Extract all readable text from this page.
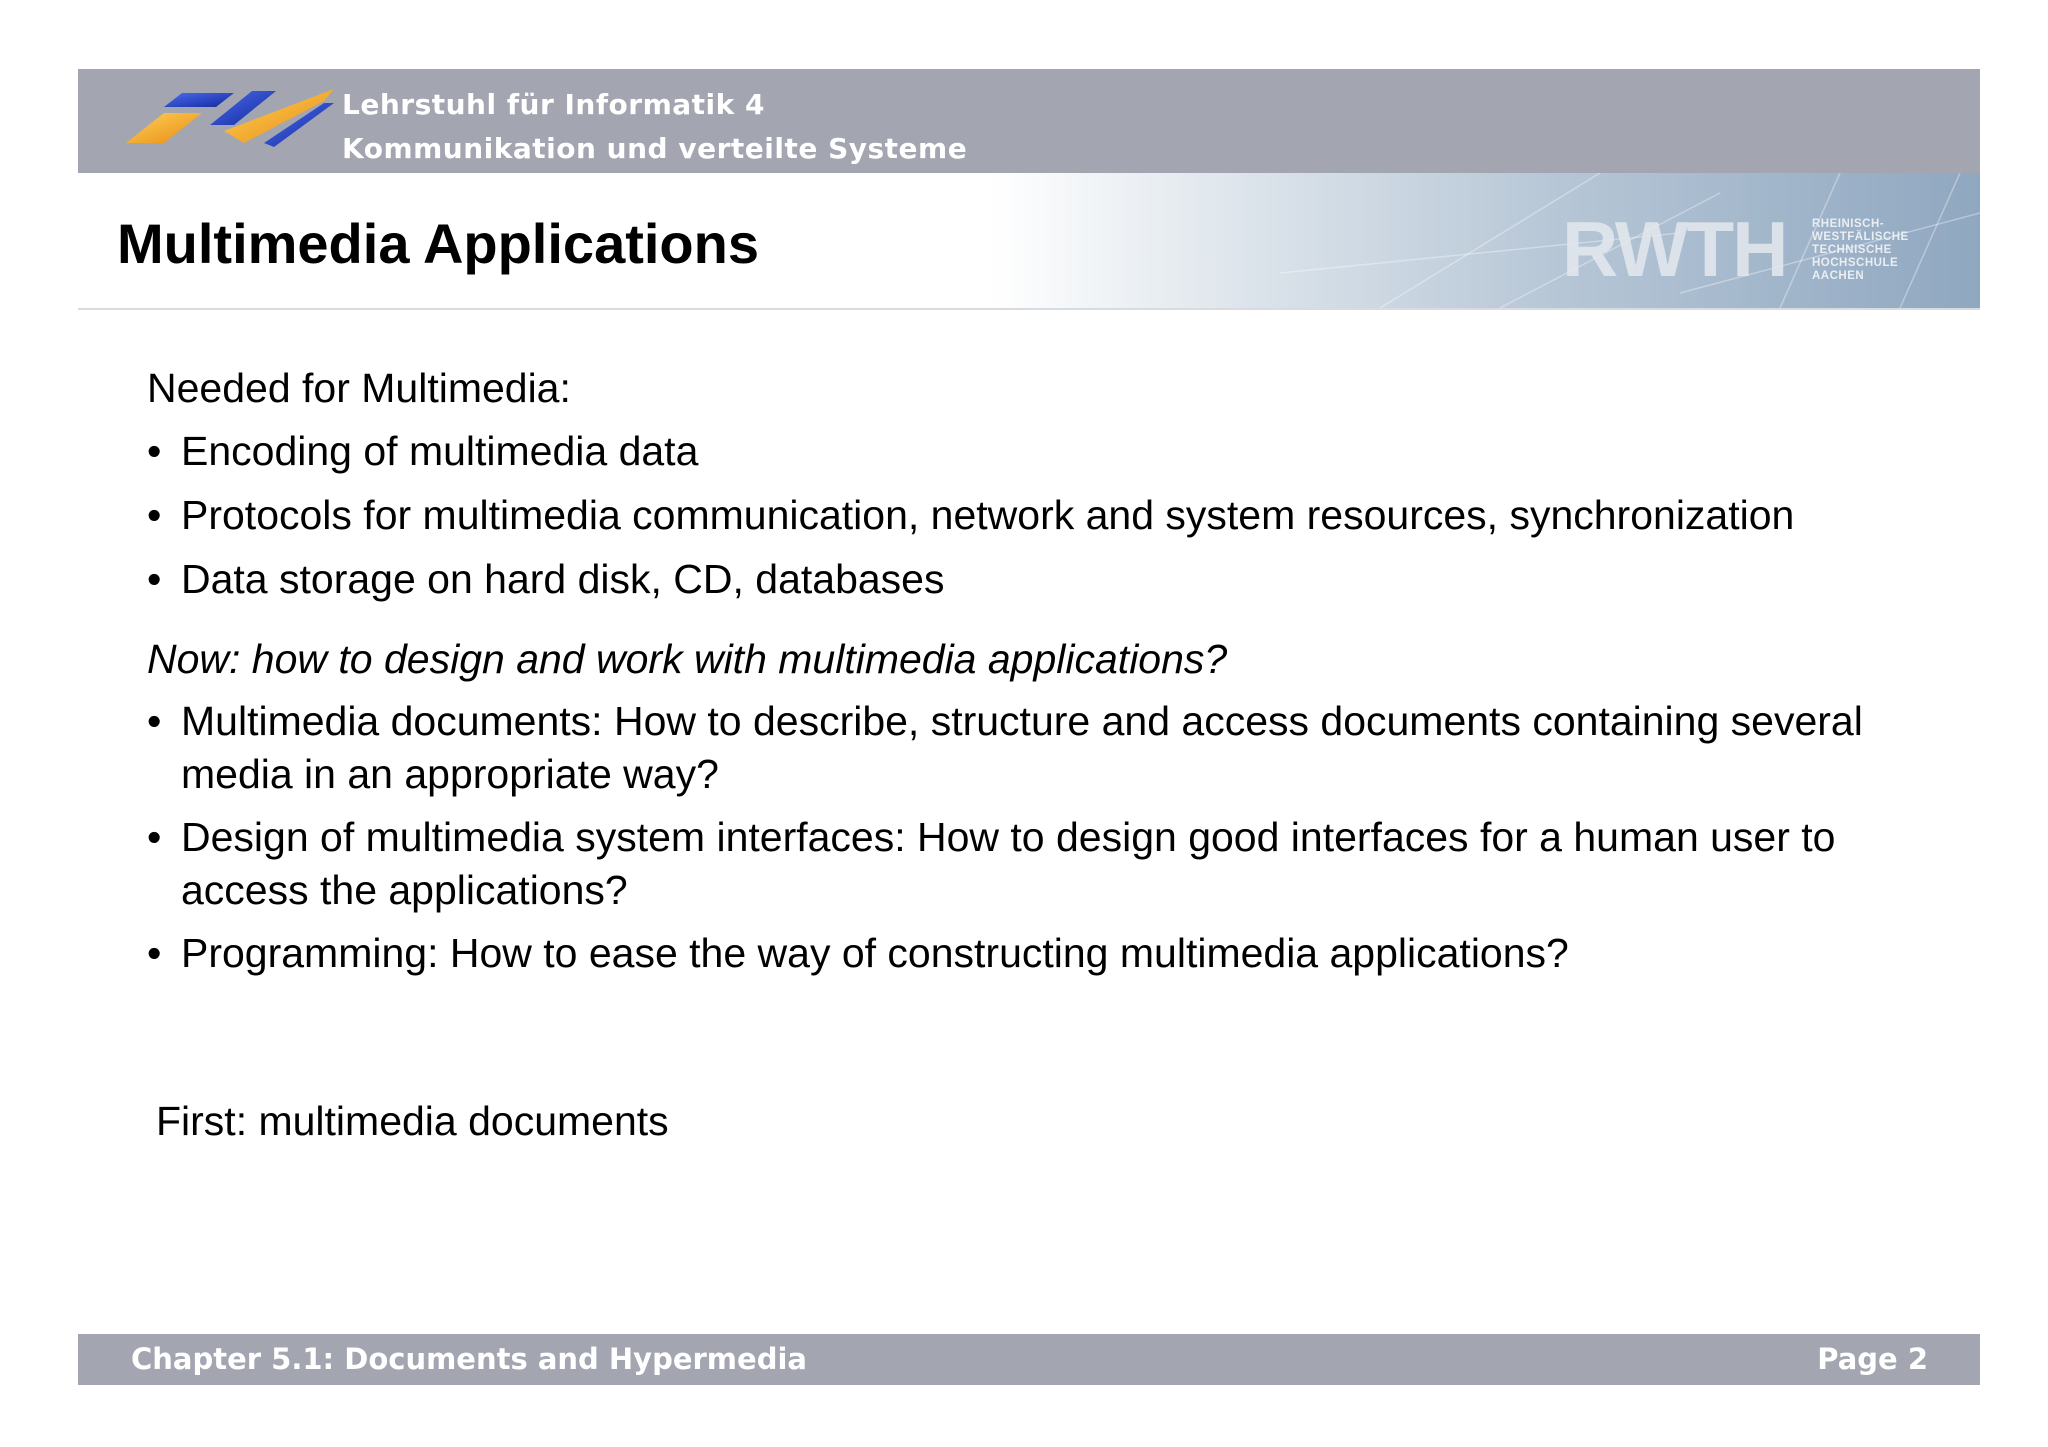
Lehrstuhl für Informatik 4
Kommunikation und verteilte Systeme
Multimedia Applications	RWTH RHEINISCH-
WESTFÄLISCHE
TECHNISCHE
HOCHSCHULE
AACHEN

Needed for Multimedia:

• Encoding of multimedia data
• Protocols for multimedia communication, network and system resources, synchronization
• Data storage on hard disk, CD, databases

Now: how to design and work with multimedia applications?

• Multimedia documents: How to describe, structure and access documents containing several media in an appropriate way?
• Design of multimedia system interfaces: How to design good interfaces for a human user to access the applications?
• Programming: How to ease the way of constructing multimedia applications?

First: multimedia documents

Chapter 5.1: Documents and Hypermedia	Page 2
